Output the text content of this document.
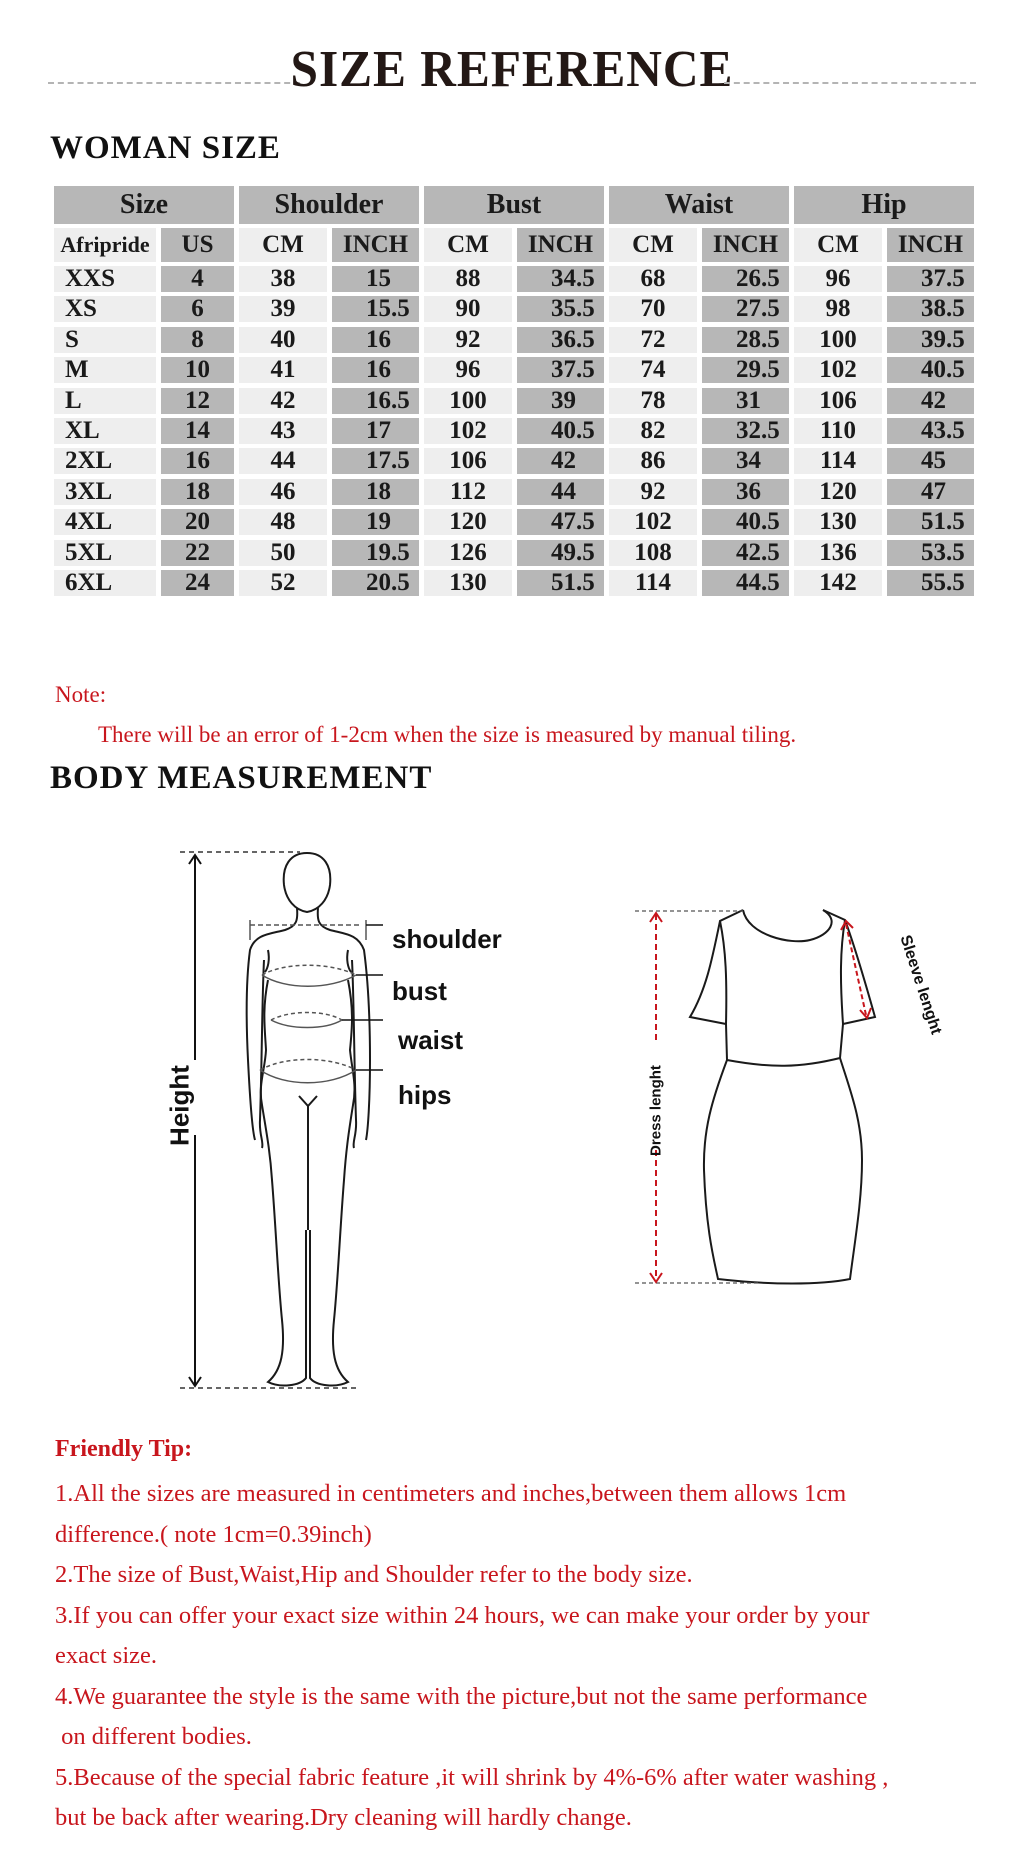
SIZE REFERENCE
WOMAN SIZE
Size	Shoulder	Bust	Waist	Hip
Afripride	US	CM	INCH	CM	INCH	CM	INCH	CM	INCH
XXS	4	38	15	88	34.5	68	26.5	96	37.5
XS	6	39	15.5	90	35.5	70	27.5	98	38.5
S	8	40	16	92	36.5	72	28.5	100	39.5
M	10	41	16	96	37.5	74	29.5	102	40.5
L	12	42	16.5	100	39	78	31	106	42
XL	14	43	17	102	40.5	82	32.5	110	43.5
2XL	16	44	17.5	106	42	86	34	114	45
3XL	18	46	18	112	44	92	36	120	47
4XL	20	48	19	120	47.5	102	40.5	130	51.5
5XL	22	50	19.5	126	49.5	108	42.5	136	53.5
6XL	24	52	20.5	130	51.5	114	44.5	142	55.5
Note:
There will be an error of 1-2cm when the size is measured by manual tiling.
BODY MEASUREMENT
shoulder
bust
waist
hips
Height	Dress lenght
Sleeve lenght
Friendly Tip:
1.All the sizes are measured in centimeters and inches,between them allows 1cm
difference.( note 1cm=0.39inch)
2.The size of Bust,Waist,Hip and Shoulder refer to the body size.
3.If you can offer your exact size within 24 hours, we can make your order by your
exact size.
4.We guarantee the style is the same with the picture,but not the same performance
on different bodies.
5.Because of the special fabric feature ,it will shrink by 4%-6% after water washing ,
but be back after wearing.Dry cleaning will hardly change.
